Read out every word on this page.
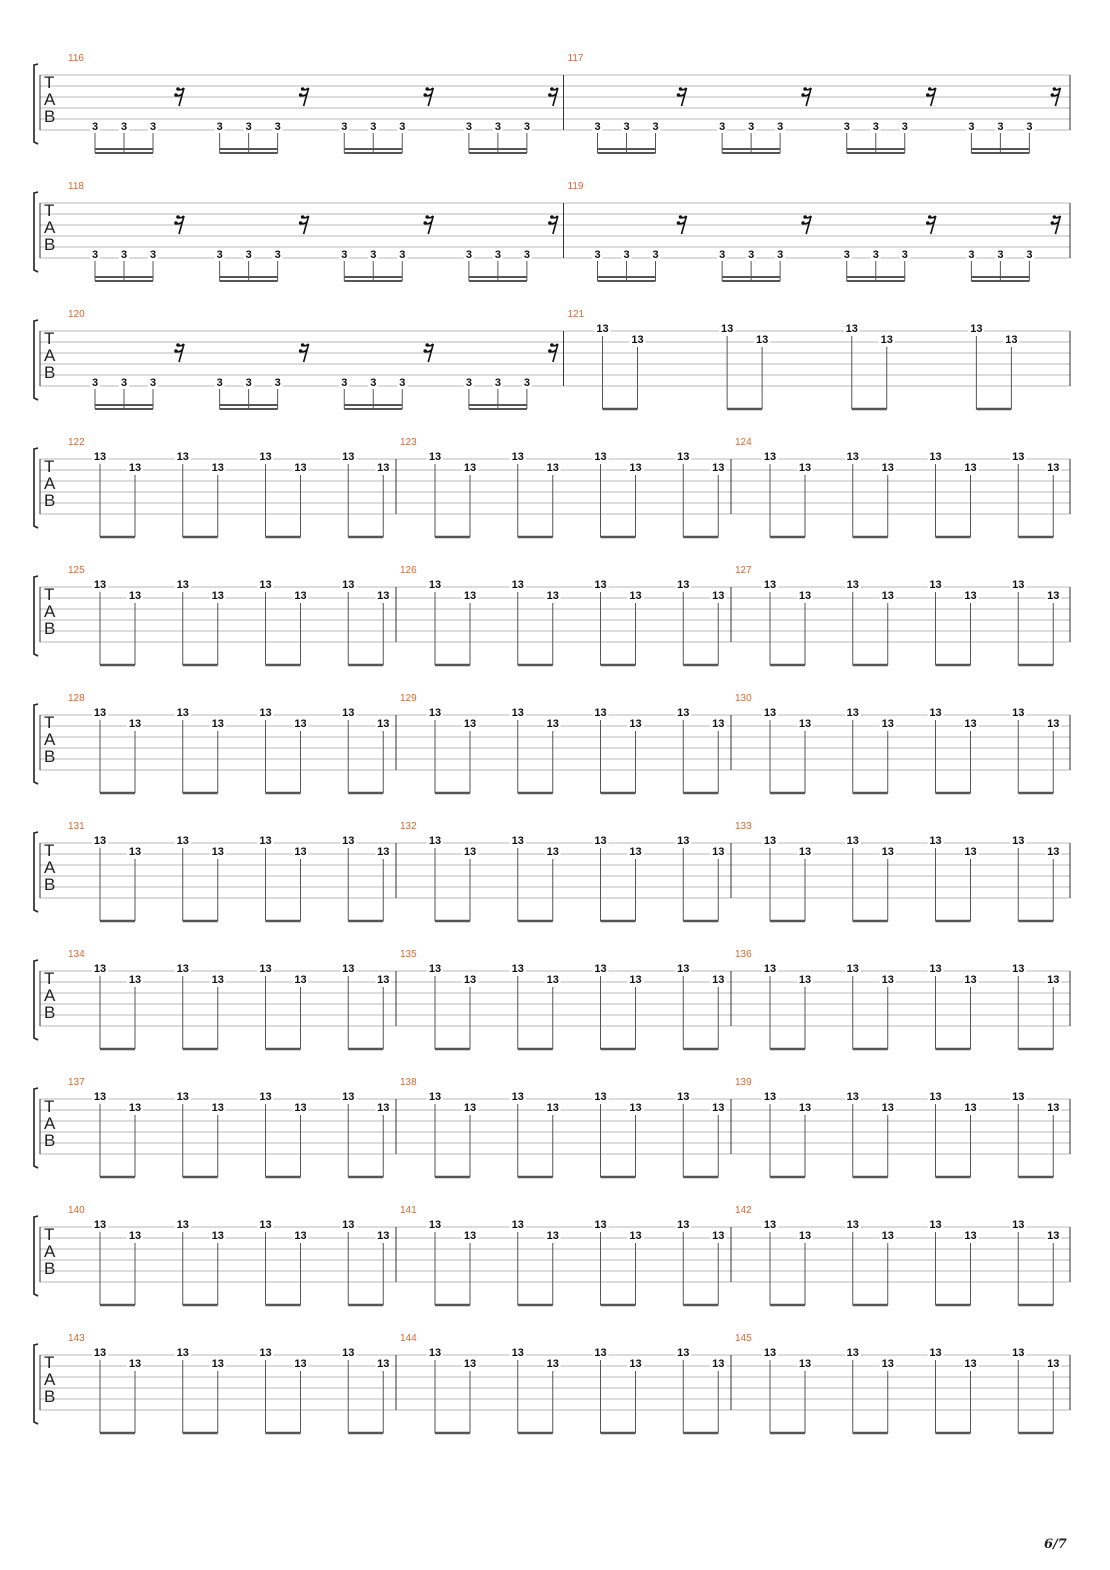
T
A
B
116
3 3 3	3 3 3	3 3 3	3 3 3
117
3 3 3	3 3 3	3 3 3	3 3 3
T
A
B
118
3 3 3	3 3 3	3 3 3	3 3 3
119
3 3 3	3 3 3	3 3 3	3 3 3
T
A
B
120
3 3 3	3 3 3	3 3 3	3 3 3
121
13
13
13
13
13
13
13
13
T
A
B
122
13
13
13
13
13
13
13
13
123
13
13
13
13
13
13
13
13
124
13
13
13
13
13
13
13
13
T
A
B
125
13
13
13
13
13
13
13
13
126
13
13
13
13
13
13
13
13
127
13
13
13
13
13
13
13
13
T
A
B
128
13
13
13
13
13
13
13
13
129
13
13
13
13
13
13
13
13
130
13
13
13
13
13
13
13
13
T
A
B
131
13
13
13
13
13
13
13
13
132
13
13
13
13
13
13
13
13
133
13
13
13
13
13
13
13
13
T
A
B
134
13
13
13
13
13
13
13
13
135
13
13
13
13
13
13
13
13
136
13
13
13
13
13
13
13
13
T
A
B
137
13
13
13
13
13
13
13
13
138
13
13
13
13
13
13
13
13
139
13
13
13
13
13
13
13
13
T
A
B
140
13
13
13
13
13
13
13
13
141
13
13
13
13
13
13
13
13
142
13
13
13
13
13
13
13
13
T
A
B
143
13
13
13
13
13
13
13
13
144
13
13
13
13
13
13
13
13
145
13
13
13
13
13
13
13
13
6/7
